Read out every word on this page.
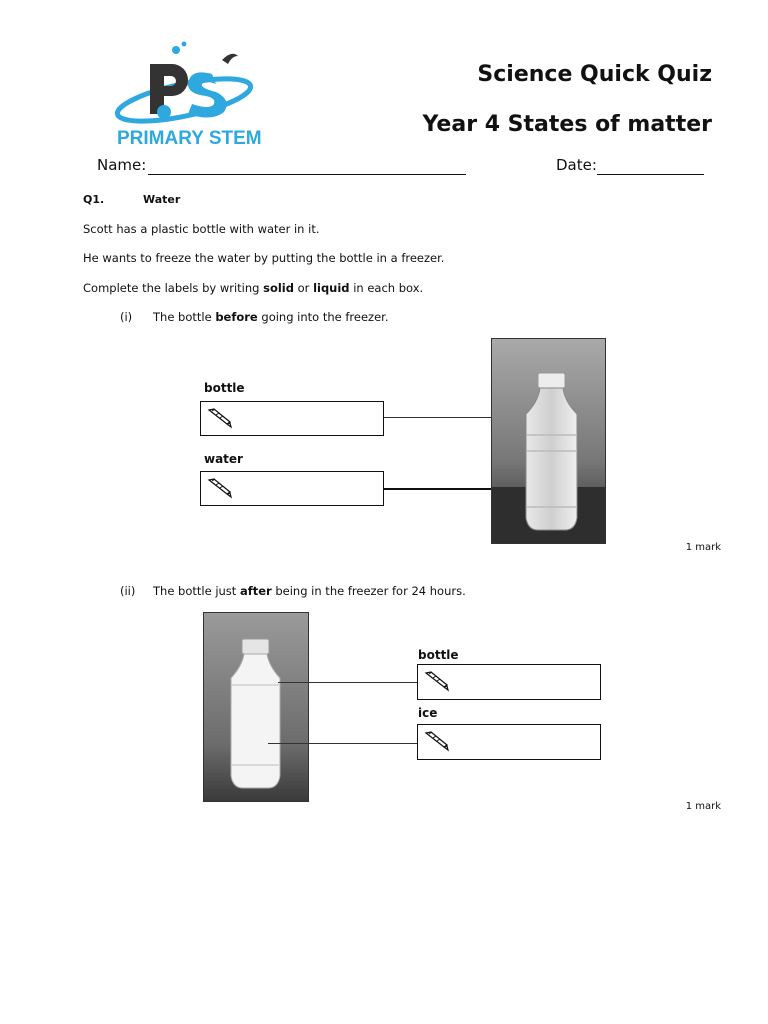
PRIMARY STEM
Science Quick Quiz
Year 4 States of matter
Name:	Date:
Q1.	Water
Scott has a plastic bottle with water in it.
He wants to freeze the water by putting the bottle in a freezer.
Complete the labels by writing solid or liquid in each box.
(i) The bottle before going into the freezer.
bottle
water
1 mark
(ii) The bottle just after being in the freezer for 24 hours.
bottle
ice
1 mark
